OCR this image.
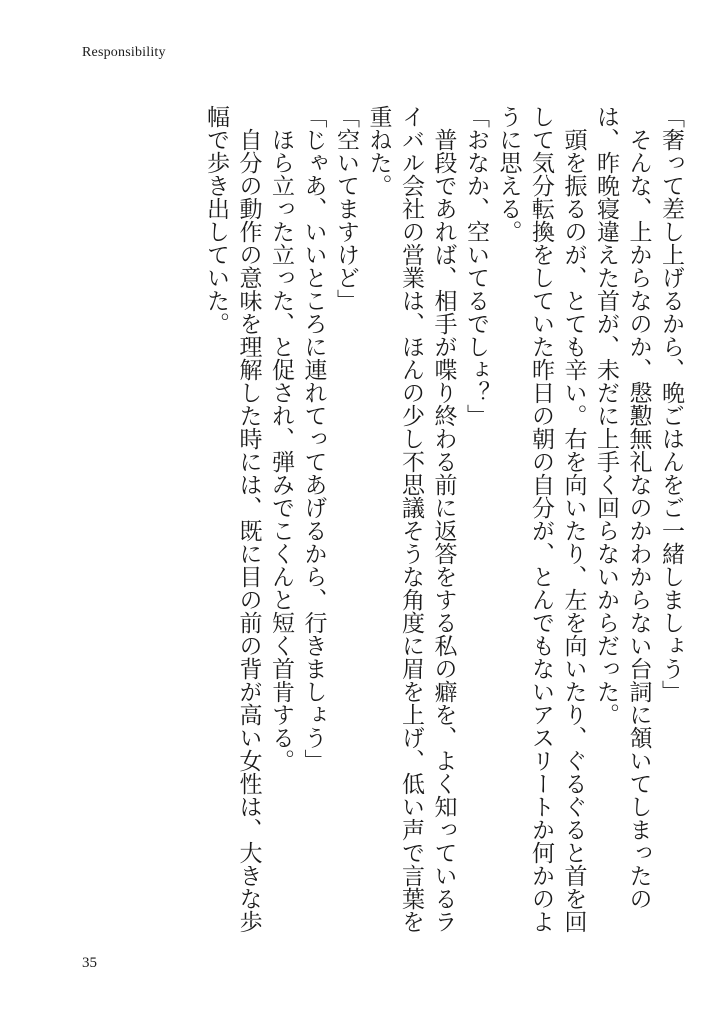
Responsibility

「奢って差し上げるから、晩ごはんをご一緒しましょう」

　そんな、上からなのか、慇懃無礼なのかわからない台詞に頷いてしまったのは、昨晩寝違えた首が、未だに上手く回らないからだった。

　頭を振るのが、とても辛い。右を向いたり、左を向いたり、ぐるぐると首を回して気分転換をしていた昨日の朝の自分が、とんでもないアスリートか何かのように思える。

「おなか、空いてるでしょ？」

　普段であれば、相手が喋り終わる前に返答をする私の癖を、よく知っているライバル会社の営業は、ほんの少し不思議そうな角度に眉を上げ、低い声で言葉を重ねた。

「空いてますけど」

「じゃあ、いいところに連れてってあげるから、行きましょう」

　ほら立った立った、と促され、弾みでこくんと短く首肯する。

　自分の動作の意味を理解した時には、既に目の前の背が高い女性は、大きな歩幅で歩き出していた。

35
